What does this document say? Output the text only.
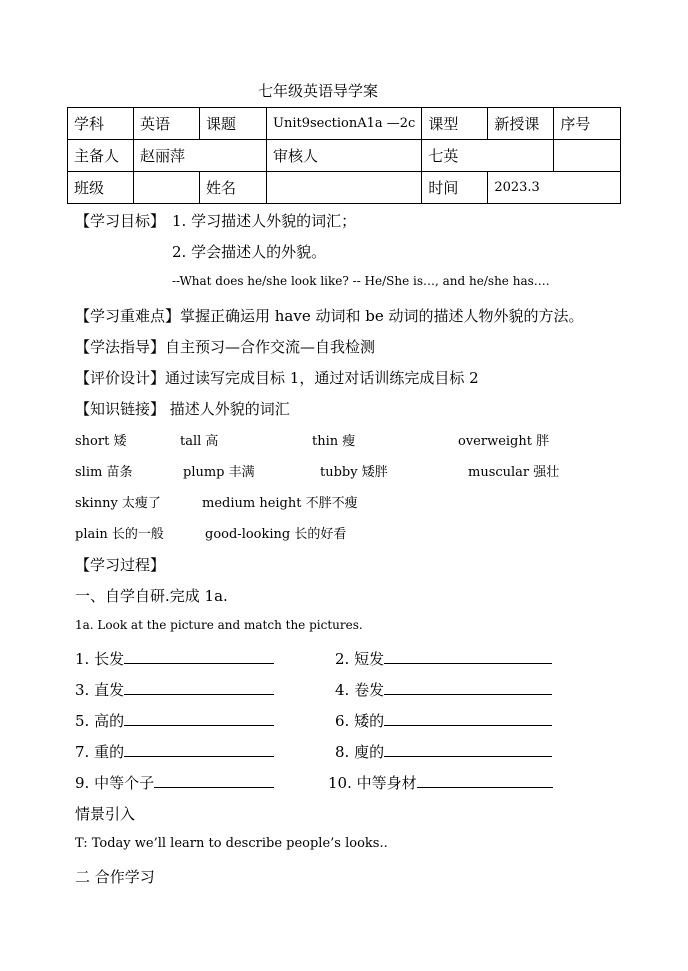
七年级英语导学案
学科	英语	课题	Unit9sectionA1a —2c	课型	新授课	序号
主备人	赵丽萍		审核人	七英		
班级		姓名		时间	2023.3	
【学习目标】 1. 学习描述人外貌的词汇；
2. 学会描述人的外貌。
--What does he/she look like? -- He/She is…, and he/she has….
【学习重难点】掌握正确运用 have 动词和 be 动词的描述人物外貌的方法。
【学法指导】自主预习—合作交流—自我检测
【评价设计】通过读写完成目标 1，通过对话训练完成目标 2
【知识链接】 描述人外貌的词汇
short 矮	tall 高	thin 瘦	overweight 胖
slim 苗条	plump 丰满	tubby 矮胖	muscular 强壮
skinny 太瘦了	medium height 不胖不瘦
plain 长的一般	good-looking 长的好看
【学习过程】
一、自学自研.完成 1a.
1a. Look at the picture and match the pictures.
1. 长发	2. 短发
3. 直发	4. 卷发
5. 高的	6. 矮的
7. 重的	8. 廋的
9. 中等个子	10. 中等身材
情景引入
T: Today we’ll learn to describe people’s looks..
二 合作学习
